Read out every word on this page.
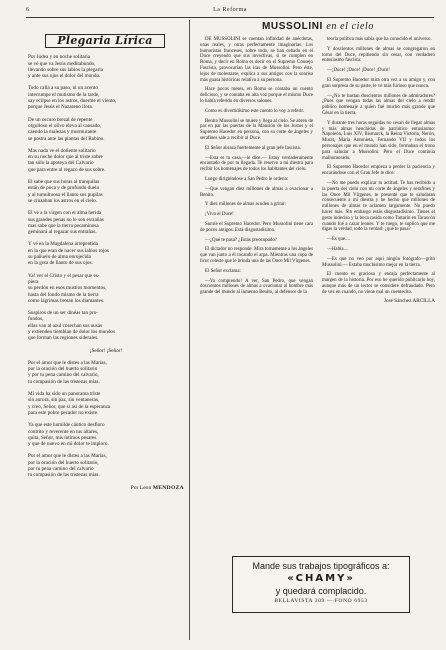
6	La Reforma
Plegaria Lírica
Por Judea y en noche solitaria
se vé que va Jesús meditabundo,
llevando sobre sus labios la plegaria
y ante sus ojos el dolor del mundo.
Todo calla a su paso, ni un acento
interrumpe el mutismo de la tarde,
say ecilpse en los astros, duerme el viento,
porque Jesús el Nazareno llora.
De un oscuro brezal de repente
orgulloso el olivo eleva al cansado,
caendo la malezas y murmurante
se postra ante las plantas del Rabino.
Mas nada ve el doliente solitario
en su noche dolor que al triste sobre
tan sólo la apoteya del Calvario
que para entre al regazo de sus sobre.
El sabe que sus horas al tranquilas
están de poca y de profundo duelo
y al tumultuoso el llanto sus pupilas
se cruzaban los astros en el cielo.
El vé a la virgen con el alma herida
sus grandes penas no le son extrañas
mas sabe que la tierra pecaminosa
geminará al regazar sus entrañas.
Y vé en la Magdalena arrepentida
en la que eran de nacer sus labios rojos
su pañuelo de alma enrojecida
en la gota de llanto de sus ojos.
Ya! ver el Cristo y el pesar que es-
piera
su perdón en esos mustios momentos,
hasta del fondo mismo de la tierra
como lágrimas brotan los diamantes.
Suspiros de un ser dinéas tan pro-
fundos,
ellas van al azul cosechan sus ausas
y extienden tiemblan de dolor los mundos
que forman las regiones siderales.
¡Señor! ¡Señor!
Por el amor que le distes a las Marías,
por la oración del huerto solitario
y por tu pena camino del calvario,
tu compasión de las tristezas mías.
Mi vida ha sido un panorama triste
sin aurora, sin paz, sin ventaneras,
y creo, Señor, que si así de la esperanza
para este pobre pecador no existe.
Ya que este humilde cántico desfloro
contrito y reverente en tus altares,
quita, Señor, mis íntimos pesares
y que de nuevo en mi dolor te imploro.
Por el amor que le distes a las Marías,
por la oración del huerto solitario,
por tu pena camino del calvario
tu compasión de las tristezas mías.
Por Leon MENDOZA
MUSSOLINI en el cielo

DE MUSSOLINI se cuentan infinidad de anécdotas, unas reales, y otras perfectamente imaginarias. Los humoristas franceses, sobre todo, se han cebado en el Duce creyendo que sus invectivas, si se cumplen en Roma, y decir en Roma es decir en el Supremo Consejo Fascista, provocarían las iras de Mussolini. Pero éste, lejos de molestarse, explica a sus amigos con la sonrisa más guasa históricas relativa a su persona.

Hace pocos meses, en Roma se contaba un cuento delicioso, y se contaba en alta voz porque el mismo Duce lo había referido en diversos salones.

Como es divertidísimo este cuento lo voy a referir.

Benito Mussolini se muere y llega al cielo. Se abren de par en par las puertas de la Mansión de los Justos y el Supremo Hacedor en persona, con su corte de ángeles y serafines sale a recibir al Duce.

El Señor abraza fuertemente al gran jefe fascista.

—Esta es tu casa,—le dice.— Estoy verdaderamente encantado de por tu llegada. Te reservo a mi diestra para recibir los homenajes de todos los habitantes del cielo.

Luego dirigiéndose a San Pedro le ordena:

—Que vengan diez millones de almas a ovacionar a Benito.

Y diez millones de almas acuden a gritar:

¡Viva el Duce!

Sonríe el Supremo Hacedor. Pero Mussolini tiene cara de pocos amigos. Está disgustadísimo.

—¿Qué te pasa? ¿Estás preocupado?

El dictador no responde. Mira tornamente a los ángeles que van junto a él tocando el arpa. Mientras una copa de licor celeste que le brinda una de las Once Mil Vírgenes.

El Señor exclama:

—Ya comprendo! A ver, San Pedro, que vengan doscientos millones de almas a ovacionar al hombre más grande del mundo al inmenso Benito, al defensor de la

teoría política más sabia que ha conocido el universo.

Y doscientos millones de almas se congregaron en torno del Duce, repitiendo sin cesar, con verdadero entusiasmo fascista:

—¡Duce! ¡Duce! ¡Duce! ¡Duce!

El Supremo Hacedor mira otra vez a su amigo y, con gran sorpresa de su parte, le vé más furioso que nunca.

—¿No te bastan doscientos millones de admiradores? ¿Pues que vengan todas las almas del cielo a rendir público homenaje a quien fué mucho más grande que César en la tierra.

Y durante tres horas seguidas no cesan de llegar almas y más almas henchidas de patriótico entusiasmo: Napoleón, Luis XIV, Bismarck, la Reina Victoria, Nerón, Murat, María Antonieta, Fernando VII y todos los personajes que en el mundo han sido, formaban el trono para saludar a Mussolini. Pero el Duce continúa malhumorado.

El Supremo Hacedor empieza a perder la paciencia y encarándose con el Gran Jefe le dice:

—No me puedo explicar tu actitud. Te has recibido a la puerta del cielo con mi corte de ángeles y serafines y las Once Mil Vírgenes, te presenté que te saludaran consecuente a mi diestra y he hecho que millones de millones de almas te aclamen largamente. No puedo hacer más. Sin embargo estás disgustadísimo. Tienes el gesto indeciso y la boca rasida como Tartarín en Tarascón cuando fué a cazar leones. Y te ruego, te suplico que me digas la verdad, todo la verdad: ¿qué te pasa?

—Es que....

—Habla....

—Es que no veo por aquí ningún fotógrafo—gritó Mussolini.— Estaba muchísimo mejor en la tierra.

El cuento es gracioso y encaja perfectamente al margen de la historia. Por eso he querido publicarlo hoy, aunque más de un lector se considere defraudado. Pero de vez en cuando, no viene mal un cuentecito.

José Sánchez ARCILLA
Mande sus trabajos tipográficos a:
«CHAMY»
y quedará complacido.
BELLAVISTA 309 — FONO 6953
